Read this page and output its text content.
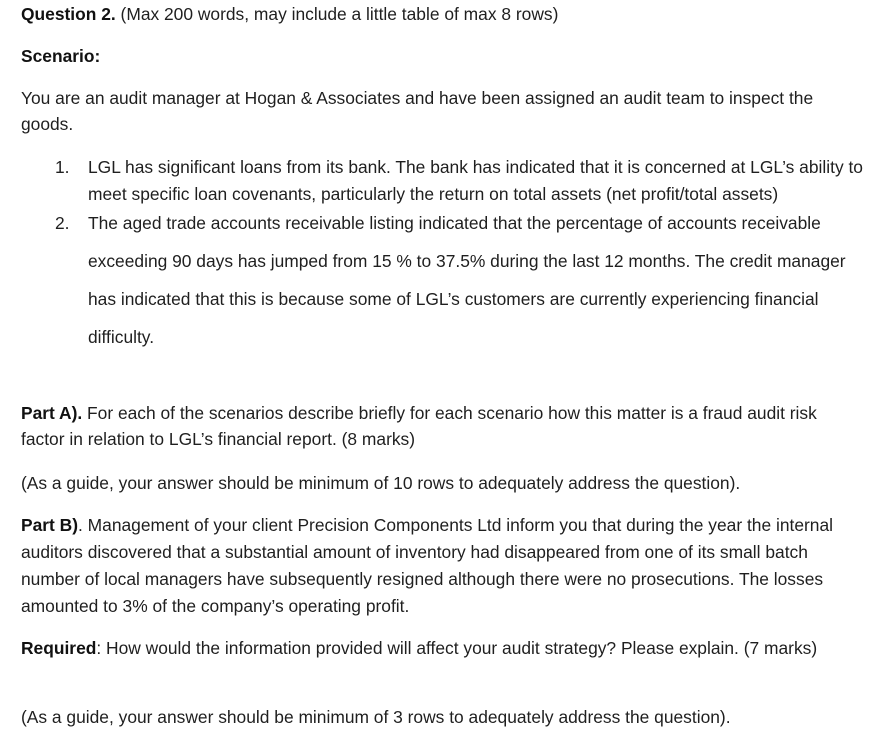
Question 2. (Max 200 words, may include a little table of max 8 rows)

Scenario:

You are an audit manager at Hogan & Associates and have been assigned an audit team to inspect the goods.

1. LGL has significant loans from its bank. The bank has indicated that it is concerned at LGL’s ability to meet specific loan covenants, particularly the return on total assets (net profit/total assets)
2. The aged trade accounts receivable listing indicated that the percentage of accounts receivable exceeding 90 days has jumped from 15 % to 37.5% during the last 12 months. The credit manager has indicated that this is because some of LGL’s customers are currently experiencing financial difficulty.

Part A). For each of the scenarios describe briefly for each scenario how this matter is a fraud audit risk factor in relation to LGL’s financial report. (8 marks)

(As a guide, your answer should be minimum of 10 rows to adequately address the question).

Part B). Management of your client Precision Components Ltd inform you that during the year the internal auditors discovered that a substantial amount of inventory had disappeared from one of its small batch number of local managers have subsequently resigned although there were no prosecutions. The losses amounted to 3% of the company’s operating profit.

Required: How would the information provided will affect your audit strategy? Please explain. (7 marks)

(As a guide, your answer should be minimum of 3 rows to adequately address the question).
